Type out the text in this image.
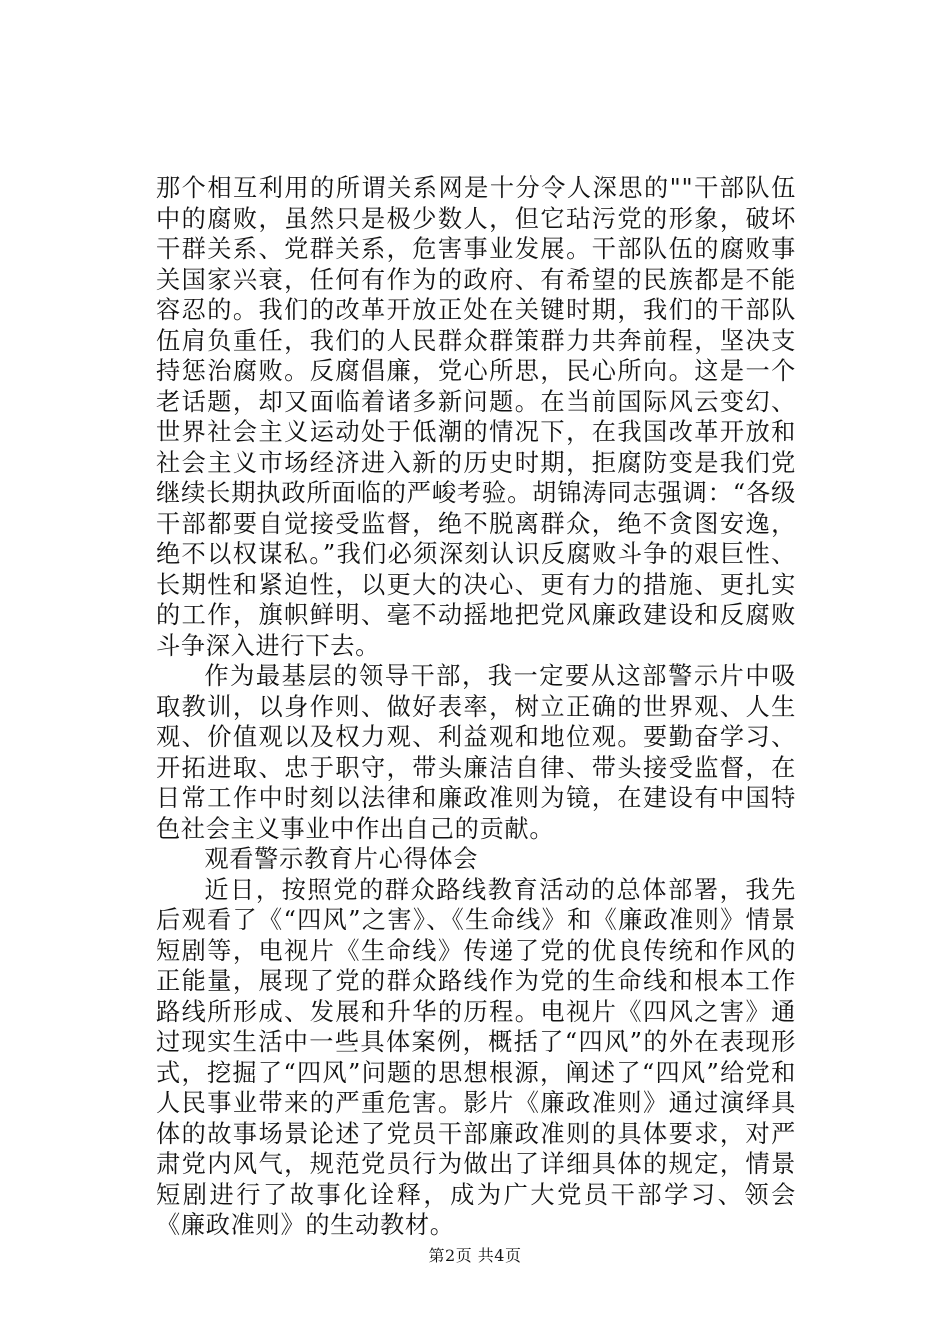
那个相互利用的所谓关系网是十分令人深思的""干部队伍中的腐败，虽然只是极少数人，但它玷污党的形象，破坏干群关系、党群关系，危害事业发展。干部队伍的腐败事关国家兴衰，任何有作为的政府、有希望的民族都是不能容忍的。我们的改革开放正处在关键时期，我们的干部队伍肩负重任，我们的人民群众群策群力共奔前程，坚决支持惩治腐败。反腐倡廉，党心所思，民心所向。这是一个老话题，却又面临着诸多新问题。在当前国际风云变幻、世界社会主义运动处于低潮的情况下，在我国改革开放和社会主义市场经济进入新的历史时期，拒腐防变是我们党继续长期执政所面临的严峻考验。胡锦涛同志强调：“各级干部都要自觉接受监督，绝不脱离群众，绝不贪图安逸，绝不以权谋私。”我们必须深刻认识反腐败斗争的艰巨性、长期性和紧迫性，以更大的决心、更有力的措施、更扎实的工作，旗帜鲜明、毫不动摇地把党风廉政建设和反腐败斗争深入进行下去。

作为最基层的领导干部，我一定要从这部警示片中吸取教训，以身作则、做好表率，树立正确的世界观、人生观、价值观以及权力观、利益观和地位观。要勤奋学习、开拓进取、忠于职守，带头廉洁自律、带头接受监督，在日常工作中时刻以法律和廉政准则为镜，在建设有中国特色社会主义事业中作出自己的贡献。

观看警示教育片心得体会

近日，按照党的群众路线教育活动的总体部署，我先后观看了《“四风”之害》、《生命线》和《廉政准则》情景短剧等，电视片《生命线》传递了党的优良传统和作风的正能量，展现了党的群众路线作为党的生命线和根本工作路线所形成、发展和升华的历程。电视片《四风之害》通过现实生活中一些具体案例，概括了“四风”的外在表现形式，挖掘了“四风”问题的思想根源，阐述了“四风”给党和人民事业带来的严重危害。影片《廉政准则》通过演绎具体的故事场景论述了党员干部廉政准则的具体要求，对严肃党内风气，规范党员行为做出了详细具体的规定，情景短剧进行了故事化诠释，成为广大党员干部学习、领会《廉政准则》的生动教材。

第2页 共4页
